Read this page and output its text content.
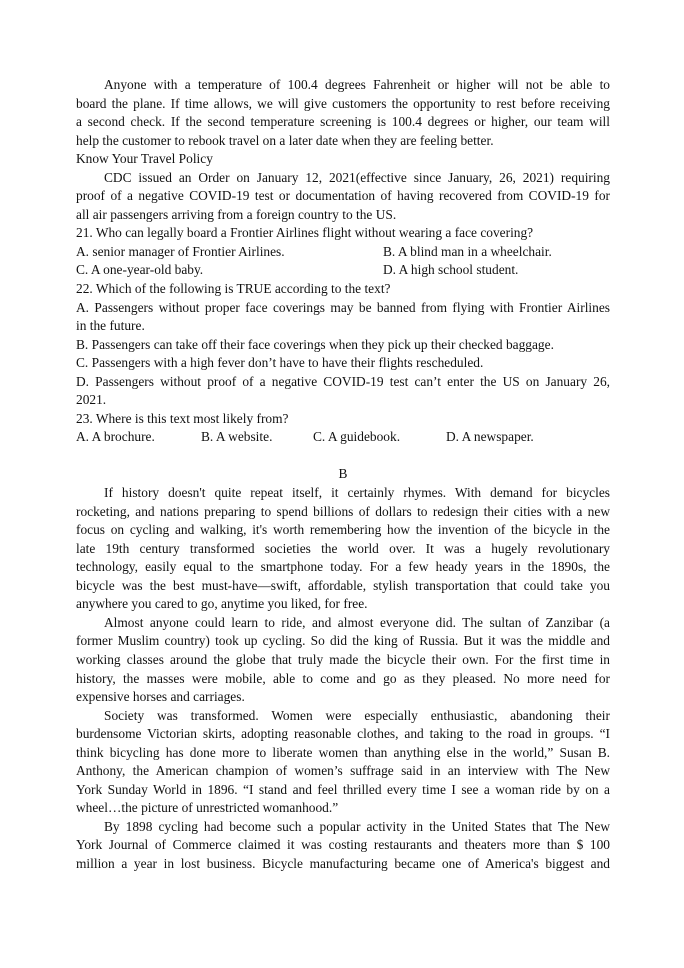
Anyone with a temperature of 100.4 degrees Fahrenheit or higher will not be able to
board the plane. If time allows, we will give customers the opportunity to rest before receiving
a second check. If the second temperature screening is 100.4 degrees or higher, our team will
help the customer to rebook travel on a later date when they are feeling better.
Know Your Travel Policy
CDC issued an Order on January 12, 2021(effective since January, 26, 2021) requiring
proof of a negative COVID-19 test or documentation of having recovered from COVID-19 for
all air passengers arriving from a foreign country to the US.
21. Who can legally board a Frontier Airlines flight without wearing a face covering?
A. senior manager of Frontier Airlines.	B. A blind man in a wheelchair.
C. A one-year-old baby.	D. A high school student.
22. Which of the following is TRUE according to the text?
A. Passengers without proper face coverings may be banned from flying with Frontier Airlines
in the future.
B. Passengers can take off their face coverings when they pick up their checked baggage.
C. Passengers with a high fever don’t have to have their flights rescheduled.
D. Passengers without proof of a negative COVID-19 test can’t enter the US on January 26,
2021.
23. Where is this text most likely from?
A. A brochure.	B. A website.	C. A guidebook.	D. A newspaper.
B
If history doesn't quite repeat itself, it certainly rhymes. With demand for bicycles
rocketing, and nations preparing to spend billions of dollars to redesign their cities with a new
focus on cycling and walking, it's worth remembering how the invention of the bicycle in the
late 19th century transformed societies the world over. It was a hugely revolutionary
technology, easily equal to the smartphone today. For a few heady years in the 1890s, the
bicycle was the best must-have—swift, affordable, stylish transportation that could take you
anywhere you cared to go, anytime you liked, for free.
Almost anyone could learn to ride, and almost everyone did. The sultan of Zanzibar (a
former Muslim country) took up cycling. So did the king of Russia. But it was the middle and
working classes around the globe that truly made the bicycle their own. For the first time in
history, the masses were mobile, able to come and go as they pleased. No more need for
expensive horses and carriages.
Society was transformed. Women were especially enthusiastic, abandoning their
burdensome Victorian skirts, adopting reasonable clothes, and taking to the road in groups. “I
think bicycling has done more to liberate women than anything else in the world,” Susan B.
Anthony, the American champion of women’s suffrage said in an interview with The New
York Sunday World in 1896. “I stand and feel thrilled every time I see a woman ride by on a
wheel…the picture of unrestricted womanhood.”
By 1898 cycling had become such a popular activity in the United States that The New
York Journal of Commerce claimed it was costing restaurants and theaters more than $ 100
million a year in lost business. Bicycle manufacturing became one of America's biggest and
